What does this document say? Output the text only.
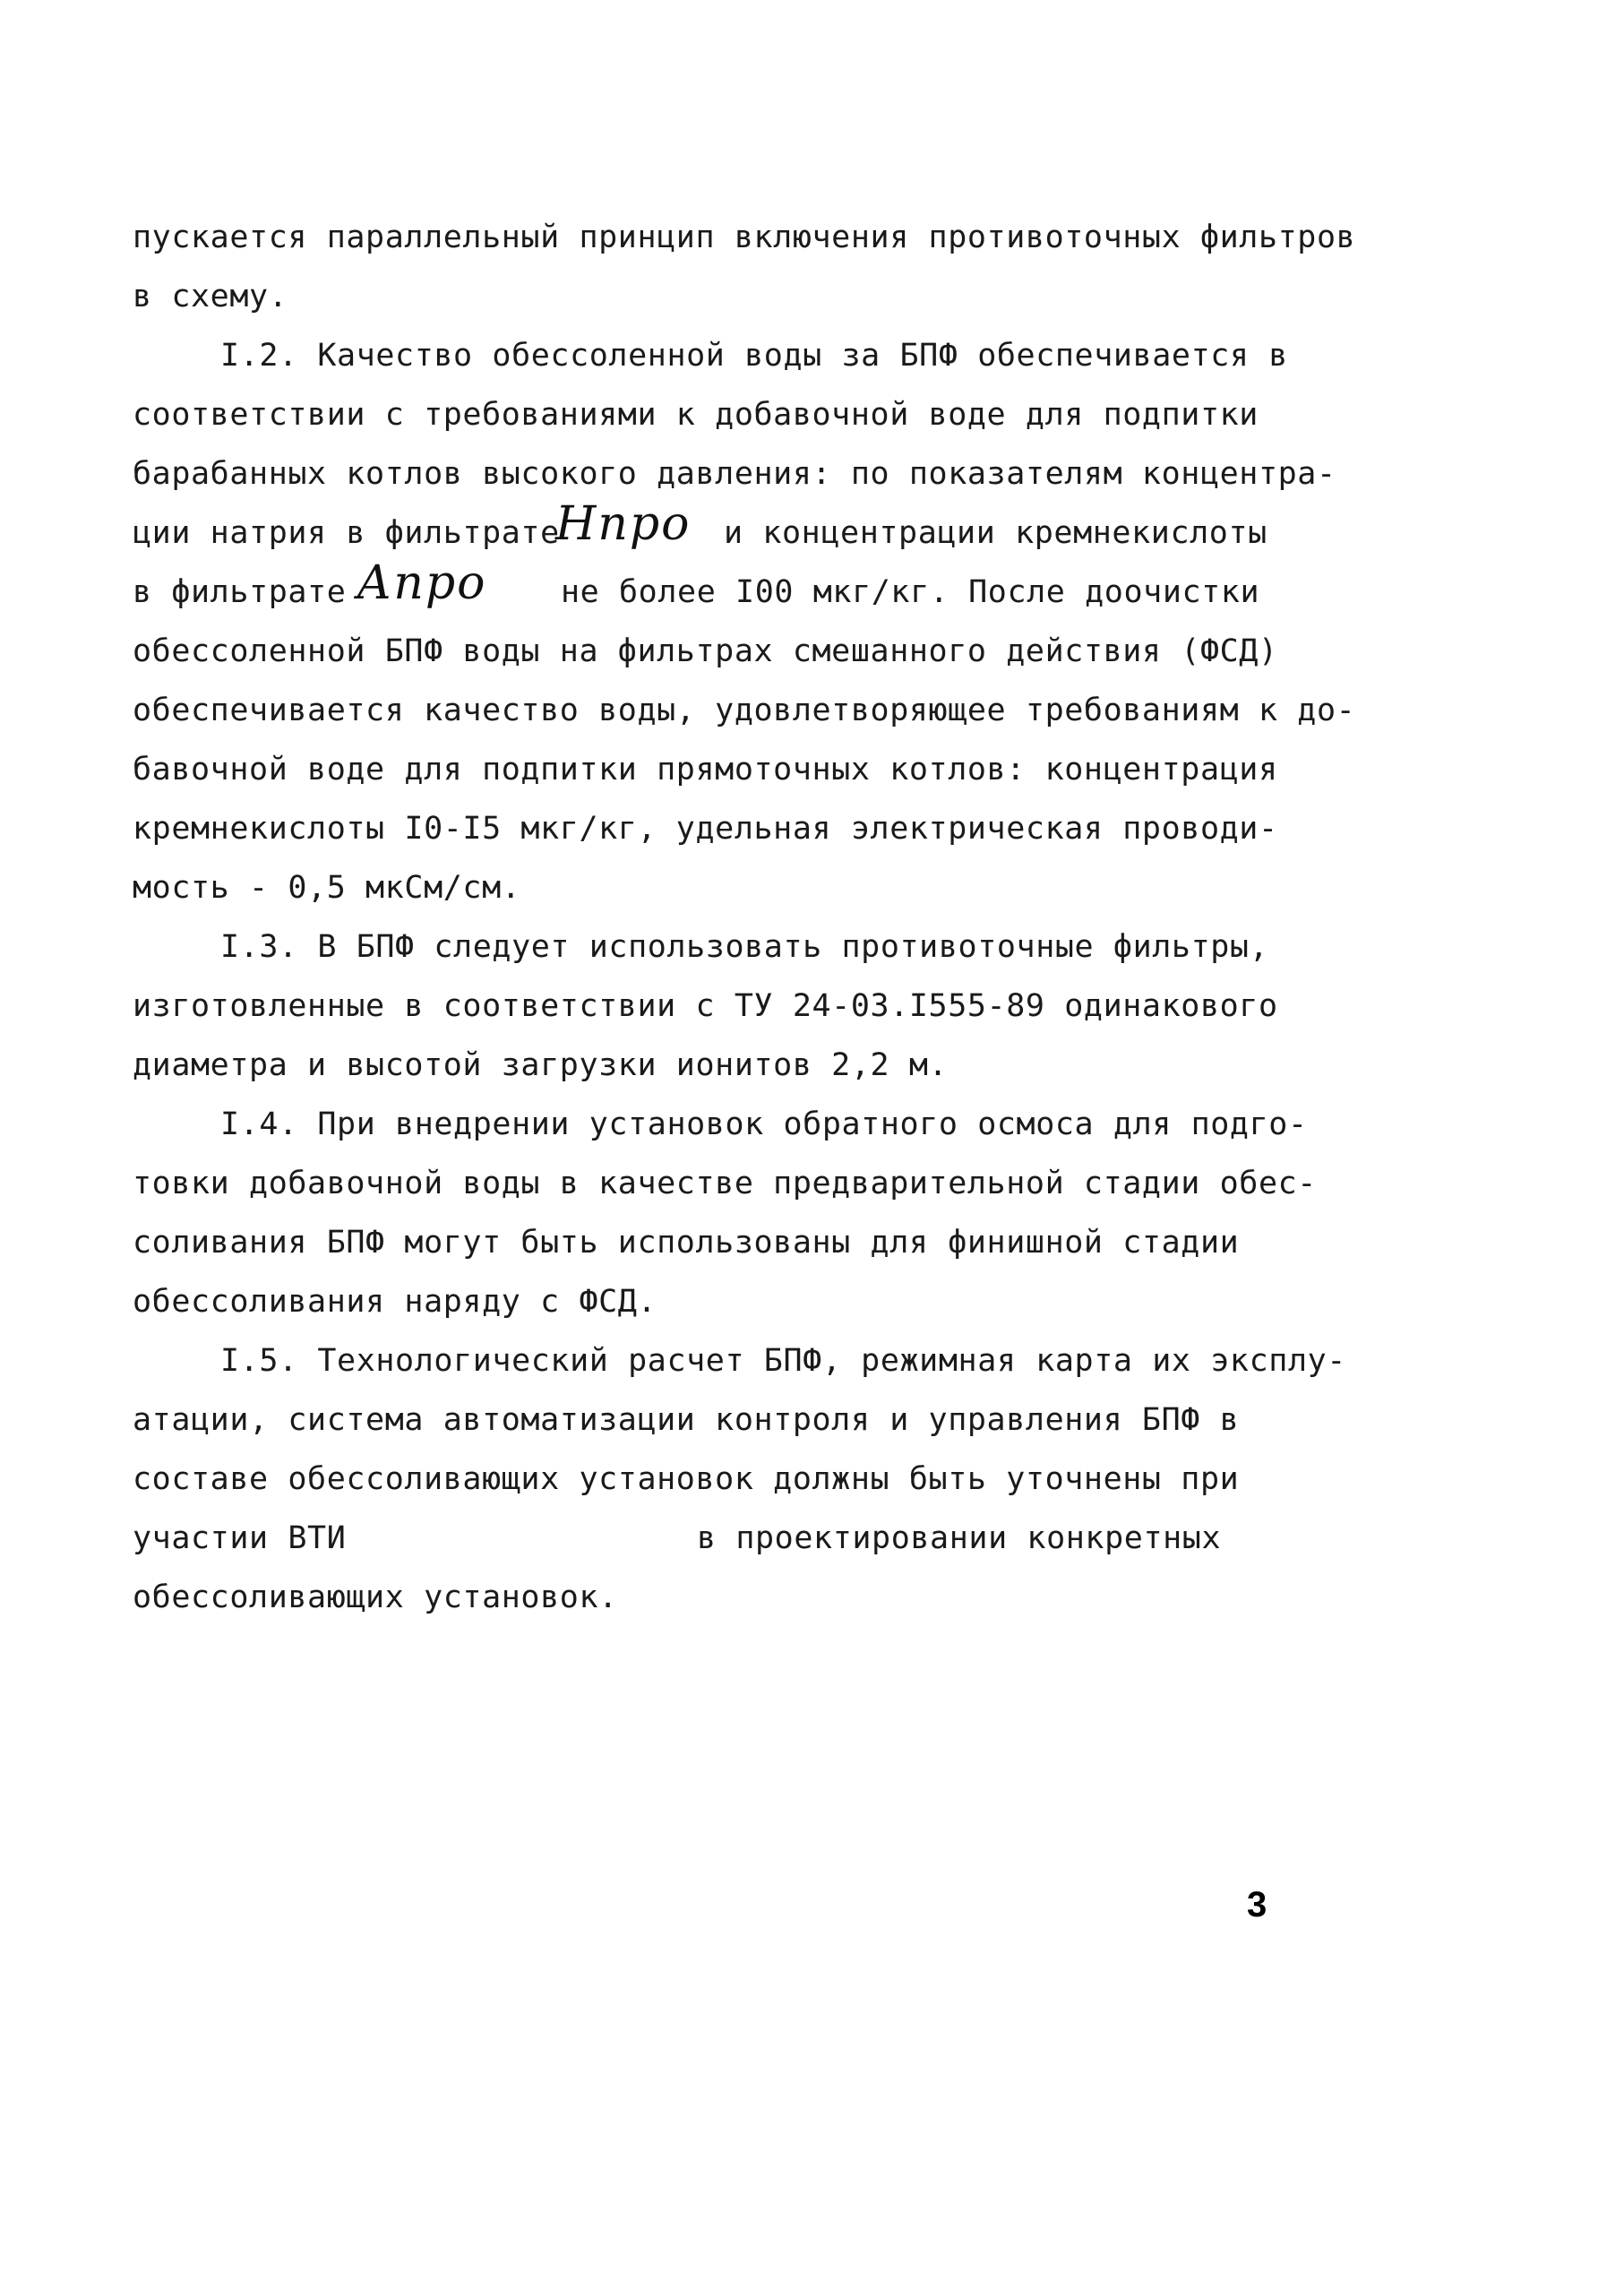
пускается параллельный принцип включения противоточных фильтров
в схему.
I.2. Качество обессоленной воды за БПФ обеспечивается в
соответствии с требованиями к добавочной воде для подпитки
барабанных котлов высокого давления: по показателям концентра-
ции натрия в фильтрате
Нпро и концентрации кремнекислоты
в фильтрате Апро не более I00 мкг/кг. После доочистки
обессоленной БПФ воды на фильтрах смешанного действия (ФСД)
обеспечивается качество воды, удовлетворяющее требованиям к до-
бавочной воде для подпитки прямоточных котлов: концентрация
кремнекислоты I0-I5 мкг/кг, удельная электрическая проводи-
мость - 0,5 мкСм/см.
I.3. В БПФ следует использовать противоточные фильтры,
изготовленные в соответствии с ТУ 24-03.I555-89 одинакового
диаметра и высотой загрузки ионитов 2,2 м.
I.4. При внедрении установок обратного осмоса для подго-
товки добавочной воды в качестве предварительной стадии обес-
соливания БПФ могут быть использованы для финишной стадии
обессоливания наряду с ФСД.
I.5. Технологический расчет БПФ, режимная карта их эксплу-
атации, система автоматизации контроля и управления БПФ в
составе обессоливающих установок должны быть уточнены при
участии ВТИ	в проектировании конкретных
обессоливающих установок.
3
